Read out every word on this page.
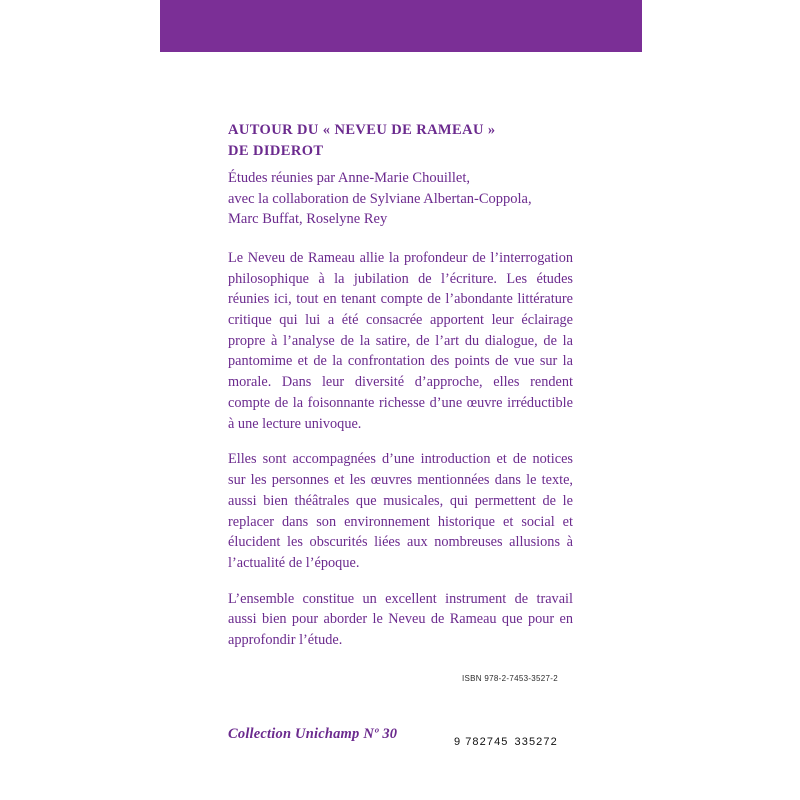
AUTOUR DU « NEVEU DE RAMEAU »
DE DIDEROT
Études réunies par Anne-Marie Chouillet,
avec la collaboration de Sylviane Albertan-Coppola,
Marc Buffat, Roselyne Rey

Le Neveu de Rameau allie la profondeur de l’interrogation philosophique à la jubilation de l’écriture. Les études réunies ici, tout en tenant compte de l’abondante littérature critique qui lui a été consacrée apportent leur éclairage propre à l’analyse de la satire, de l’art du dialogue, de la pantomime et de la confrontation des points de vue sur la morale. Dans leur diversité d’approche, elles rendent compte de la foisonnante richesse d’une œuvre irréductible à une lecture univoque.

Elles sont accompagnées d’une introduction et de notices sur les personnes et les œuvres mentionnées dans le texte, aussi bien théâtrales que musicales, qui permettent de le replacer dans son environnement historique et social et élucident les obscurités liées aux nombreuses allusions à l’actualité de l’époque.

L’ensemble constitue un excellent instrument de travail aussi bien pour aborder le Neveu de Rameau que pour en approfondir l’étude.

Collection Unichamp Nº 30
ISBN 978-2-7453-3527-2
9 782745 335272
